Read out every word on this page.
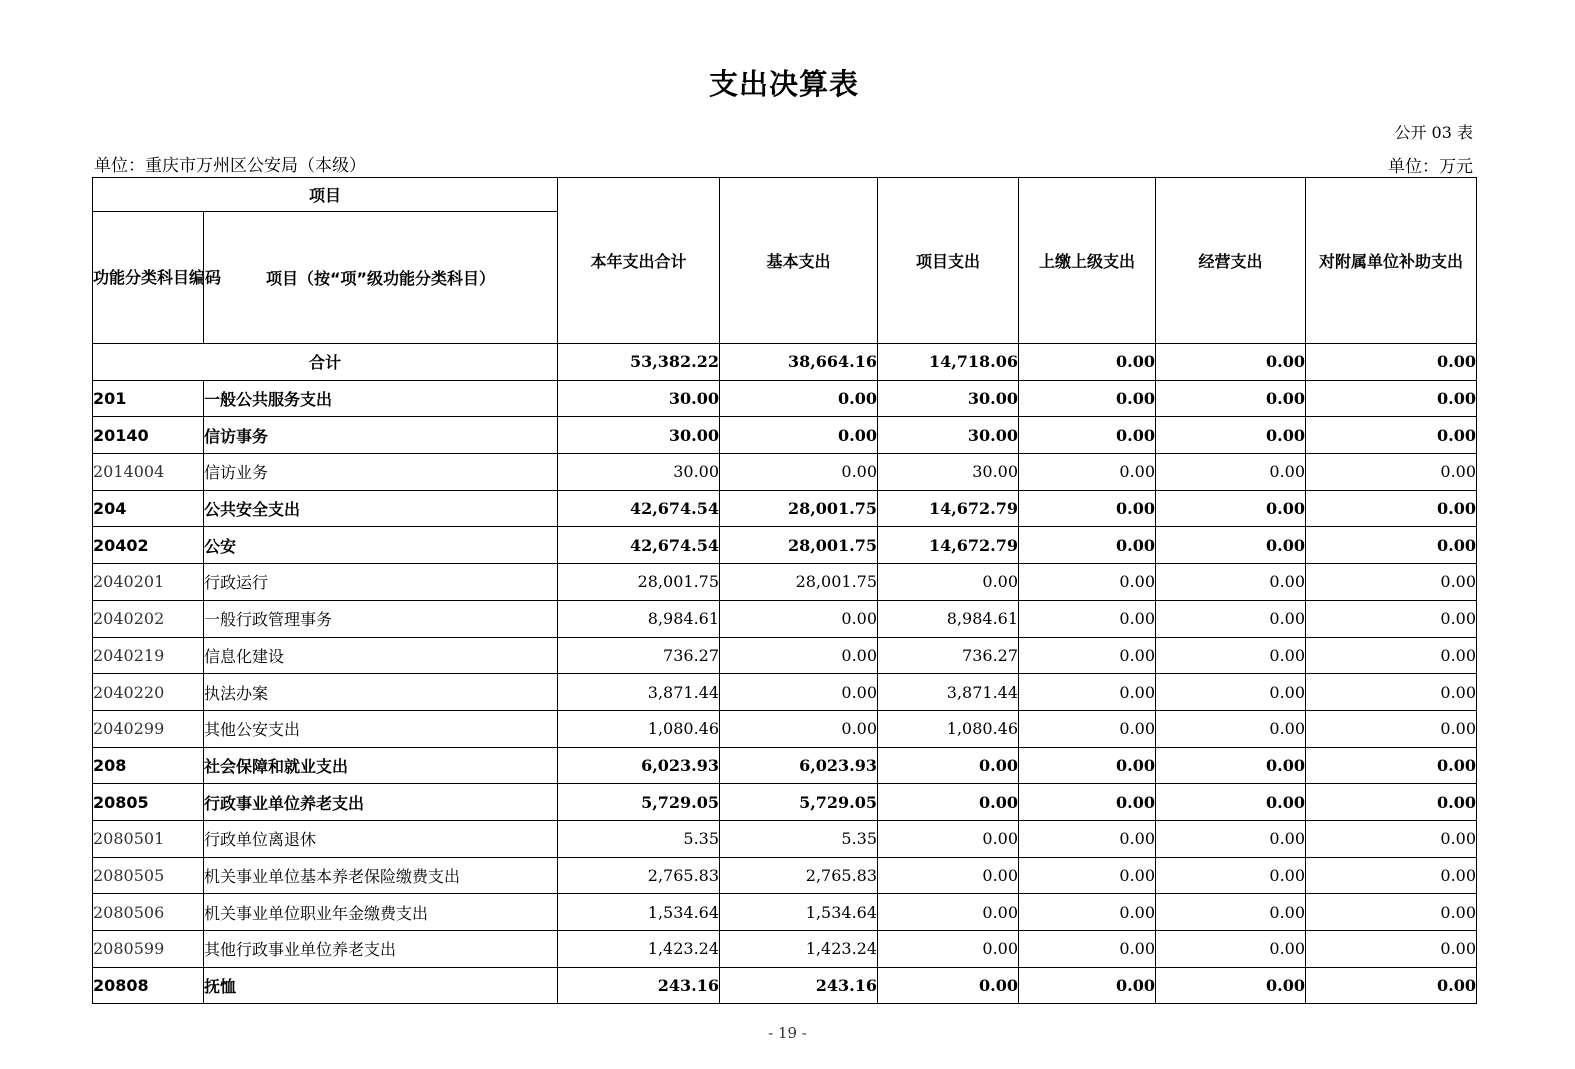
支出决算表
公开 03 表
单位：重庆市万州区公安局（本级）	单位：万元
项目		本年支出合计	基本支出	项目支出	上缴上级支出	经营支出	对附属单位补助支出
功能分类科目编码	项目（按“项”级功能分类科目）						
合计		53,382.22	38,664.16	14,718.06	0.00	0.00	0.00
201	一般公共服务支出	30.00	0.00	30.00	0.00	0.00	0.00
20140	信访事务	30.00	0.00	30.00	0.00	0.00	0.00
2014004	信访业务	30.00	0.00	30.00	0.00	0.00	0.00
204	公共安全支出	42,674.54	28,001.75	14,672.79	0.00	0.00	0.00
20402	公安	42,674.54	28,001.75	14,672.79	0.00	0.00	0.00
2040201	行政运行	28,001.75	28,001.75	0.00	0.00	0.00	0.00
2040202	一般行政管理事务	8,984.61	0.00	8,984.61	0.00	0.00	0.00
2040219	信息化建设	736.27	0.00	736.27	0.00	0.00	0.00
2040220	执法办案	3,871.44	0.00	3,871.44	0.00	0.00	0.00
2040299	其他公安支出	1,080.46	0.00	1,080.46	0.00	0.00	0.00
208	社会保障和就业支出	6,023.93	6,023.93	0.00	0.00	0.00	0.00
20805	行政事业单位养老支出	5,729.05	5,729.05	0.00	0.00	0.00	0.00
2080501	行政单位离退休	5.35	5.35	0.00	0.00	0.00	0.00
2080505	机关事业单位基本养老保险缴费支出	2,765.83	2,765.83	0.00	0.00	0.00	0.00
2080506	机关事业单位职业年金缴费支出	1,534.64	1,534.64	0.00	0.00	0.00	0.00
2080599	其他行政事业单位养老支出	1,423.24	1,423.24	0.00	0.00	0.00	0.00
20808	抚恤	243.16	243.16	0.00	0.00	0.00	0.00
- 19 -
